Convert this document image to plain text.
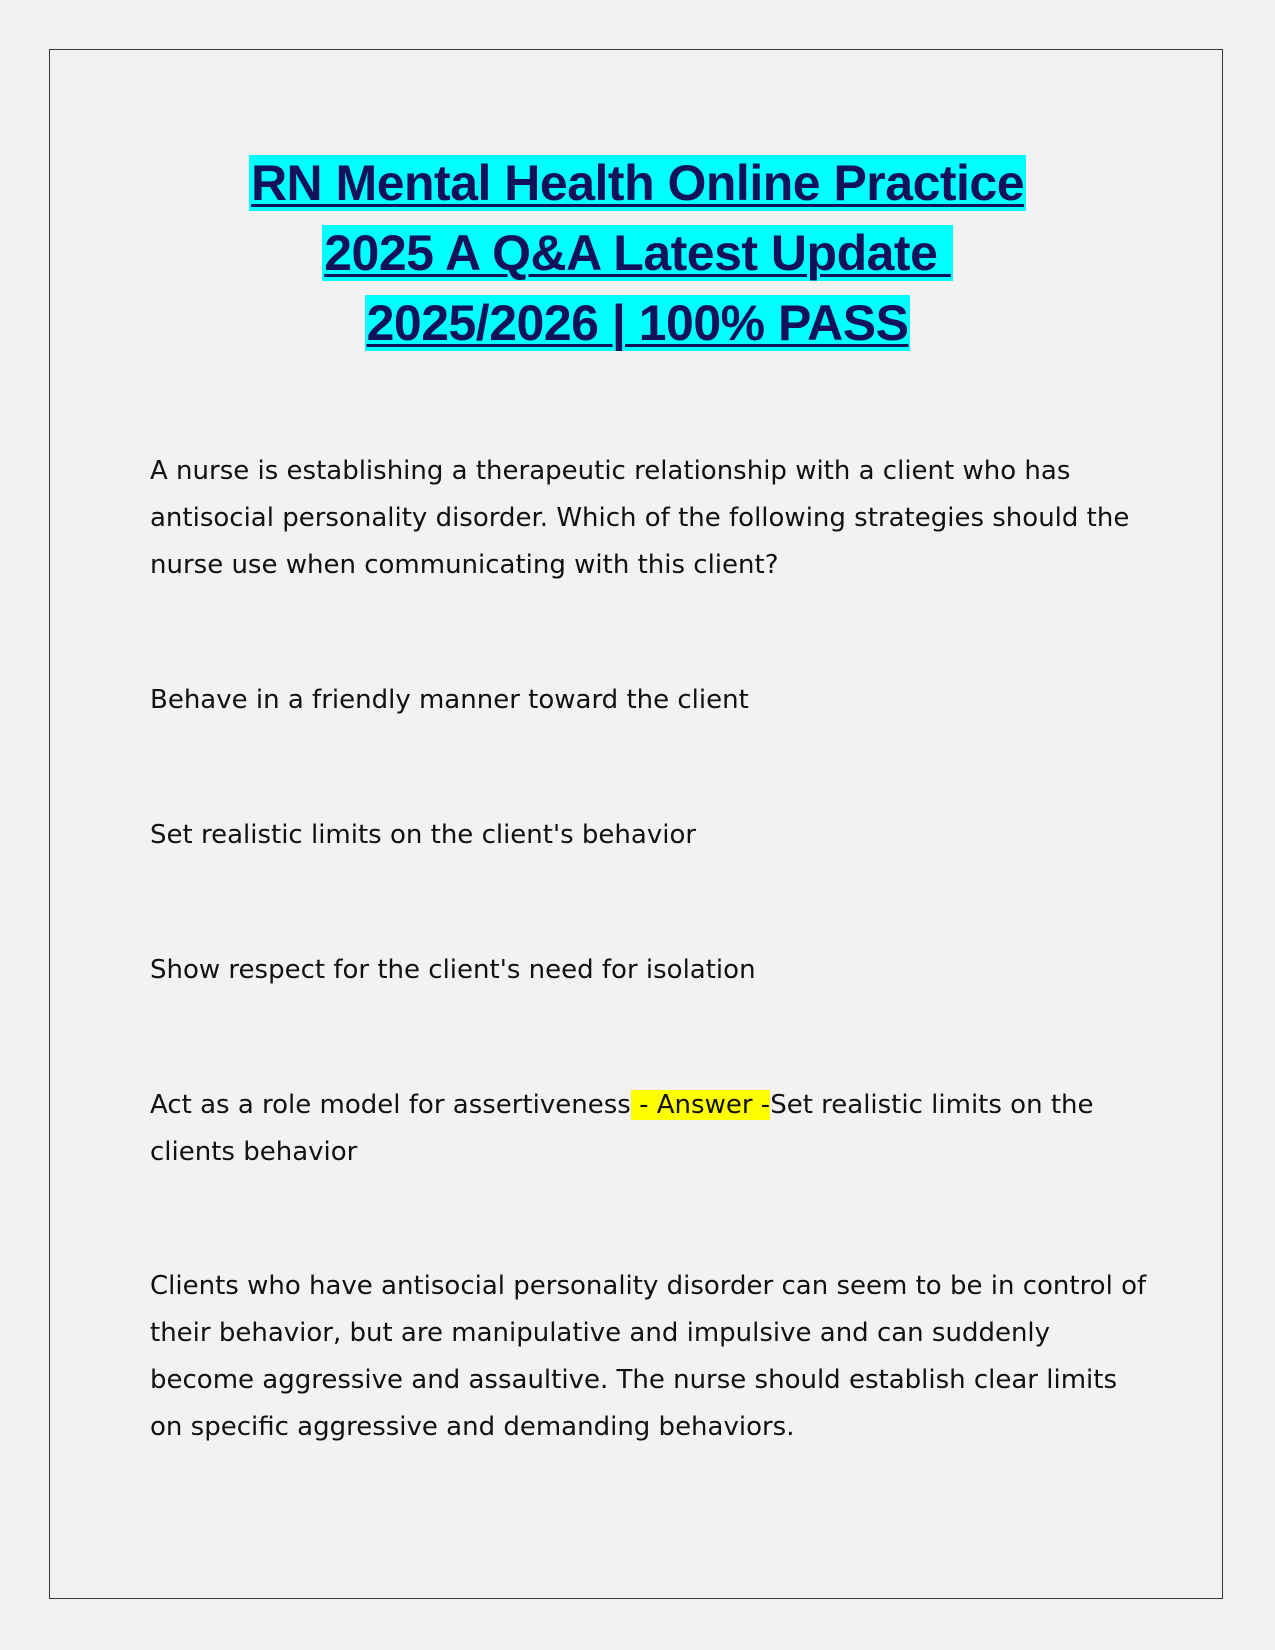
RN Mental Health Online Practice
2025 A Q&A Latest Update
2025/2026 | 100% PASS

A nurse is establishing a therapeutic relationship with a client who has antisocial personality disorder. Which of the following strategies should the nurse use when communicating with this client?

Behave in a friendly manner toward the client

Set realistic limits on the client's behavior

Show respect for the client's need for isolation

Act as a role model for assertiveness - Answer -Set realistic limits on the clients behavior

Clients who have antisocial personality disorder can seem to be in control of their behavior, but are manipulative and impulsive and can suddenly become aggressive and assaultive. The nurse should establish clear limits on specific aggressive and demanding behaviors.
